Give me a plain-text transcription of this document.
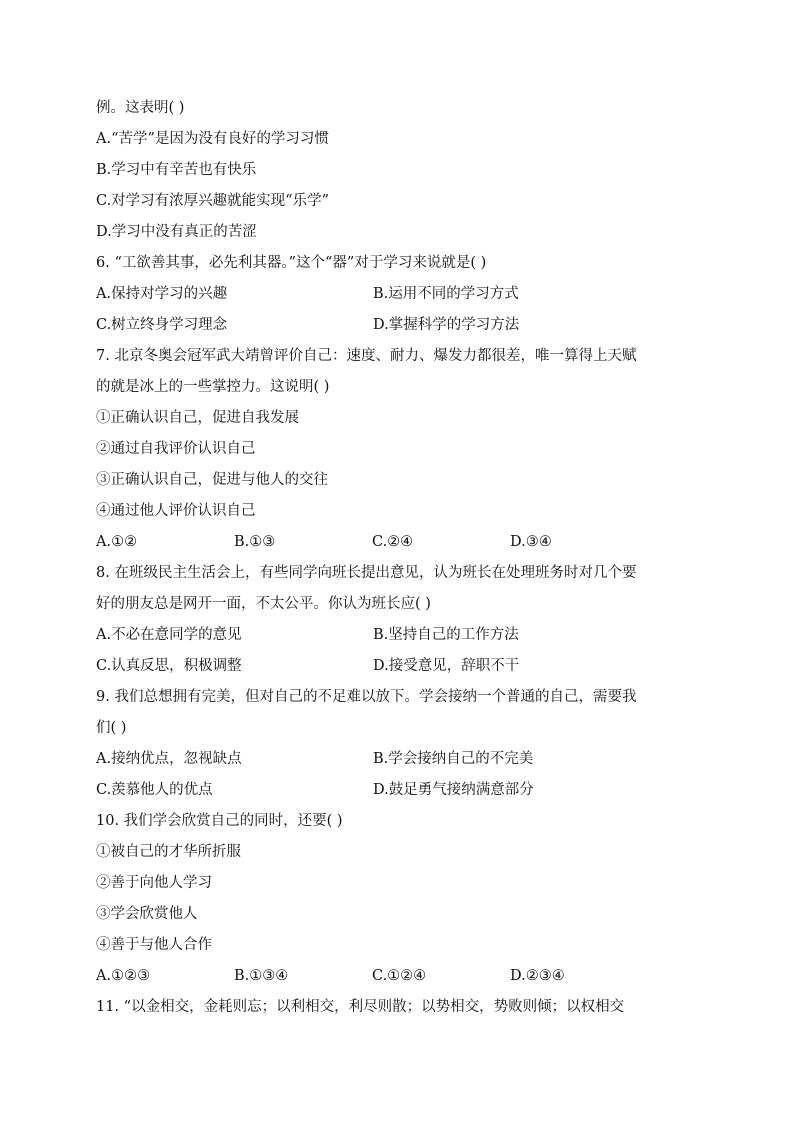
例。这表明( )
A.“苦学”是因为没有良好的学习习惯
B.学习中有辛苦也有快乐
C.对学习有浓厚兴趣就能实现“乐学”
D.学习中没有真正的苦涩
6. “工欲善其事，必先利其器。”这个“器”对于学习来说就是( )
A.保持对学习的兴趣	B.运用不同的学习方式
C.树立终身学习理念	D.掌握科学的学习方法
7. 北京冬奥会冠军武大靖曾评价自己：速度、耐力、爆发力都很差，唯一算得上天赋
的就是冰上的一些掌控力。这说明( )
①正确认识自己，促进自我发展
②通过自我评价认识自己
③正确认识自己，促进与他人的交往
④通过他人评价认识自己
A.①②	B.①③	C.②④	D.③④
8. 在班级民主生活会上，有些同学向班长提出意见，认为班长在处理班务时对几个要
好的朋友总是网开一面，不太公平。你认为班长应( )
A.不必在意同学的意见	B.坚持自己的工作方法
C.认真反思，积极调整	D.接受意见，辞职不干
9. 我们总想拥有完美，但对自己的不足难以放下。学会接纳一个普通的自己，需要我
们( )
A.接纳优点，忽视缺点	B.学会接纳自己的不完美
C.羡慕他人的优点	D.鼓足勇气接纳满意部分
10. 我们学会欣赏自己的同时，还要( )
①被自己的才华所折服
②善于向他人学习
③学会欣赏他人
④善于与他人合作
A.①②③	B.①③④	C.①②④	D.②③④
11. “以金相交，金耗则忘；以利相交，利尽则散；以势相交，势败则倾；以权相交
